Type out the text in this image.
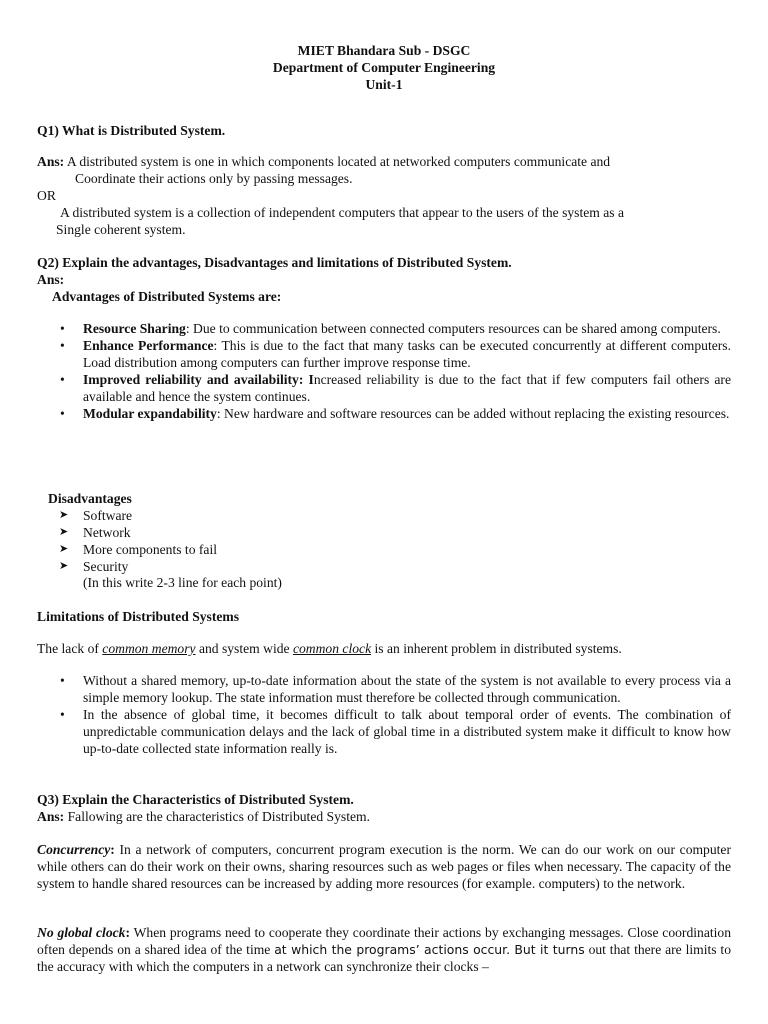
MIET Bhandara Sub - DSGC
Department of Computer Engineering
Unit-1
Q1) What is Distributed System.
Ans: A distributed system is one in which components located at networked computers communicate and
Coordinate their actions only by passing messages.
OR
A distributed system is a collection of independent computers that appear to the users of the system as a
Single coherent system.
Q2) Explain the advantages, Disadvantages and limitations of Distributed System.
Ans:
Advantages of Distributed Systems are:
• Resource Sharing: Due to communication between connected computers resources can be shared among computers.
• Enhance Performance: This is due to the fact that many tasks can be executed concurrently at different computers. Load distribution among computers can further improve response time.
• Improved reliability and availability: Increased reliability is due to the fact that if few computers fail others are available and hence the system continues.
• Modular expandability: New hardware and software resources can be added without replacing the existing resources.
Disadvantages
➤ Software
➤ Network
➤ More components to fail
➤ Security
(In this write 2-3 line for each point)
Limitations of Distributed Systems
The lack of common memory and system wide common clock is an inherent problem in distributed systems.
• Without a shared memory, up-to-date information about the state of the system is not available to every process via a simple memory lookup. The state information must therefore be collected through communication.
• In the absence of global time, it becomes difficult to talk about temporal order of events. The combination of unpredictable communication delays and the lack of global time in a distributed system make it difficult to know how up-to-date collected state information really is.
Q3) Explain the Characteristics of Distributed System.
Ans: Fallowing are the characteristics of Distributed System.
Concurrency: In a network of computers, concurrent program execution is the norm. We can do our work on our computer while others can do their work on their owns, sharing resources such as web pages or files when necessary. The capacity of the system to handle shared resources can be increased by adding more resources (for example. computers) to the network.
No global clock: When programs need to cooperate they coordinate their actions by exchanging messages. Close coordination often depends on a shared idea of the time at which the programs’ actions occur. But it turns out that there are limits to the accuracy with which the computers in a network can synchronize their clocks –
